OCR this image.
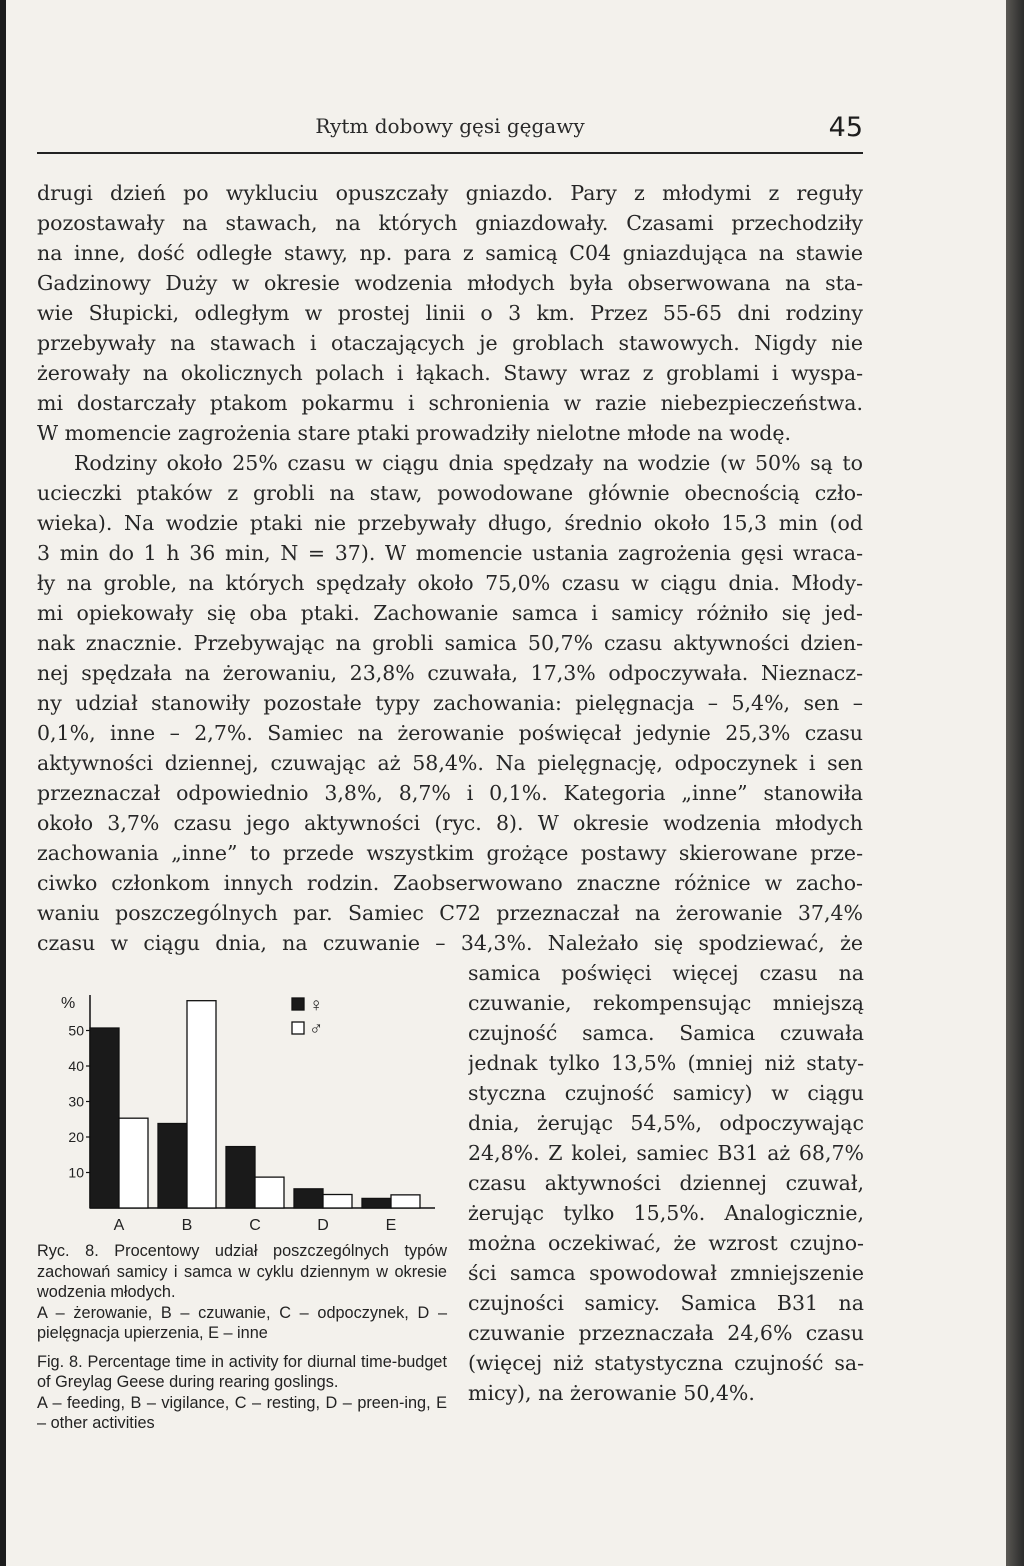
Rytm dobowy gęsi gęgawy	45
drugi dzień po wykluciu opuszczały gniazdo. Pary z młodymi z reguły
pozostawały na stawach, na których gniazdowały. Czasami przechodziły
na inne, dość odległe stawy, np. para z samicą C04 gniazdująca na stawie
Gadzinowy Duży w okresie wodzenia młodych była obserwowana na sta-
wie Słupicki, odległym w prostej linii o 3 km. Przez 55-65 dni rodziny
przebywały na stawach i otaczających je groblach stawowych. Nigdy nie
żerowały na okolicznych polach i łąkach. Stawy wraz z groblami i wyspa-
mi dostarczały ptakom pokarmu i schronienia w razie niebezpieczeństwa.
W momencie zagrożenia stare ptaki prowadziły nielotne młode na wodę.
Rodziny około 25% czasu w ciągu dnia spędzały na wodzie (w 50% są to
ucieczki ptaków z grobli na staw, powodowane głównie obecnością czło-
wieka). Na wodzie ptaki nie przebywały długo, średnio około 15,3 min (od
3 min do 1 h 36 min, N = 37). W momencie ustania zagrożenia gęsi wraca-
ły na groble, na których spędzały około 75,0% czasu w ciągu dnia. Młody-
mi opiekowały się oba ptaki. Zachowanie samca i samicy różniło się jed-
nak znacznie. Przebywając na grobli samica 50,7% czasu aktywności dzien-
nej spędzała na żerowaniu, 23,8% czuwała, 17,3% odpoczywała. Nieznacz-
ny udział stanowiły pozostałe typy zachowania: pielęgnacja – 5,4%, sen –
0,1%, inne – 2,7%. Samiec na żerowanie poświęcał jedynie 25,3% czasu
aktywności dziennej, czuwając aż 58,4%. Na pielęgnację, odpoczynek i sen
przeznaczał odpowiednio 3,8%, 8,7% i 0,1%. Kategoria „inne” stanowiła
około 3,7% czasu jego aktywności (ryc. 8). W okresie wodzenia młodych
zachowania „inne” to przede wszystkim grożące postawy skierowane prze-
ciwko członkom innych rodzin. Zaobserwowano znaczne różnice w zacho-
waniu poszczególnych par. Samiec C72 przeznaczał na żerowanie 37,4%
czasu w ciągu dnia, na czuwanie – 34,3%. Należało się spodziewać, że
samica poświęci więcej czasu na
czuwanie, rekompensując mniejszą
czujność samca. Samica czuwała
jednak tylko 13,5% (mniej niż staty-
styczna czujność samicy) w ciągu
dnia, żerując 54,5%, odpoczywając
24,8%. Z kolei, samiec B31 aż 68,7%
czasu aktywności dziennej czuwał,
żerując tylko 15,5%. Analogicznie,
można oczekiwać, że wzrost czujno-
ści samca spowodował zmniejszenie
czujności samicy. Samica B31 na
czuwanie przeznaczała 24,6% czasu
(więcej niż statystyczna czujność sa-
micy), na żerowanie 50,4%.
%
10
20
30
40
50
A	B	C	D	E
♀
♂

Ryc. 8. Procentowy udział poszczególnych typów zachowań samicy i samca w cyklu dziennym w okresie wodzenia młodych.

A – żerowanie, B – czuwanie, C – odpoczynek, D – pielęgnacja upierzenia, E – inne

Fig. 8. Percentage time in activity for diurnal time-budget of Greylag Geese during rearing goslings.

A – feeding, B – vigilance, C – resting, D – preen-ing, E – other activities
